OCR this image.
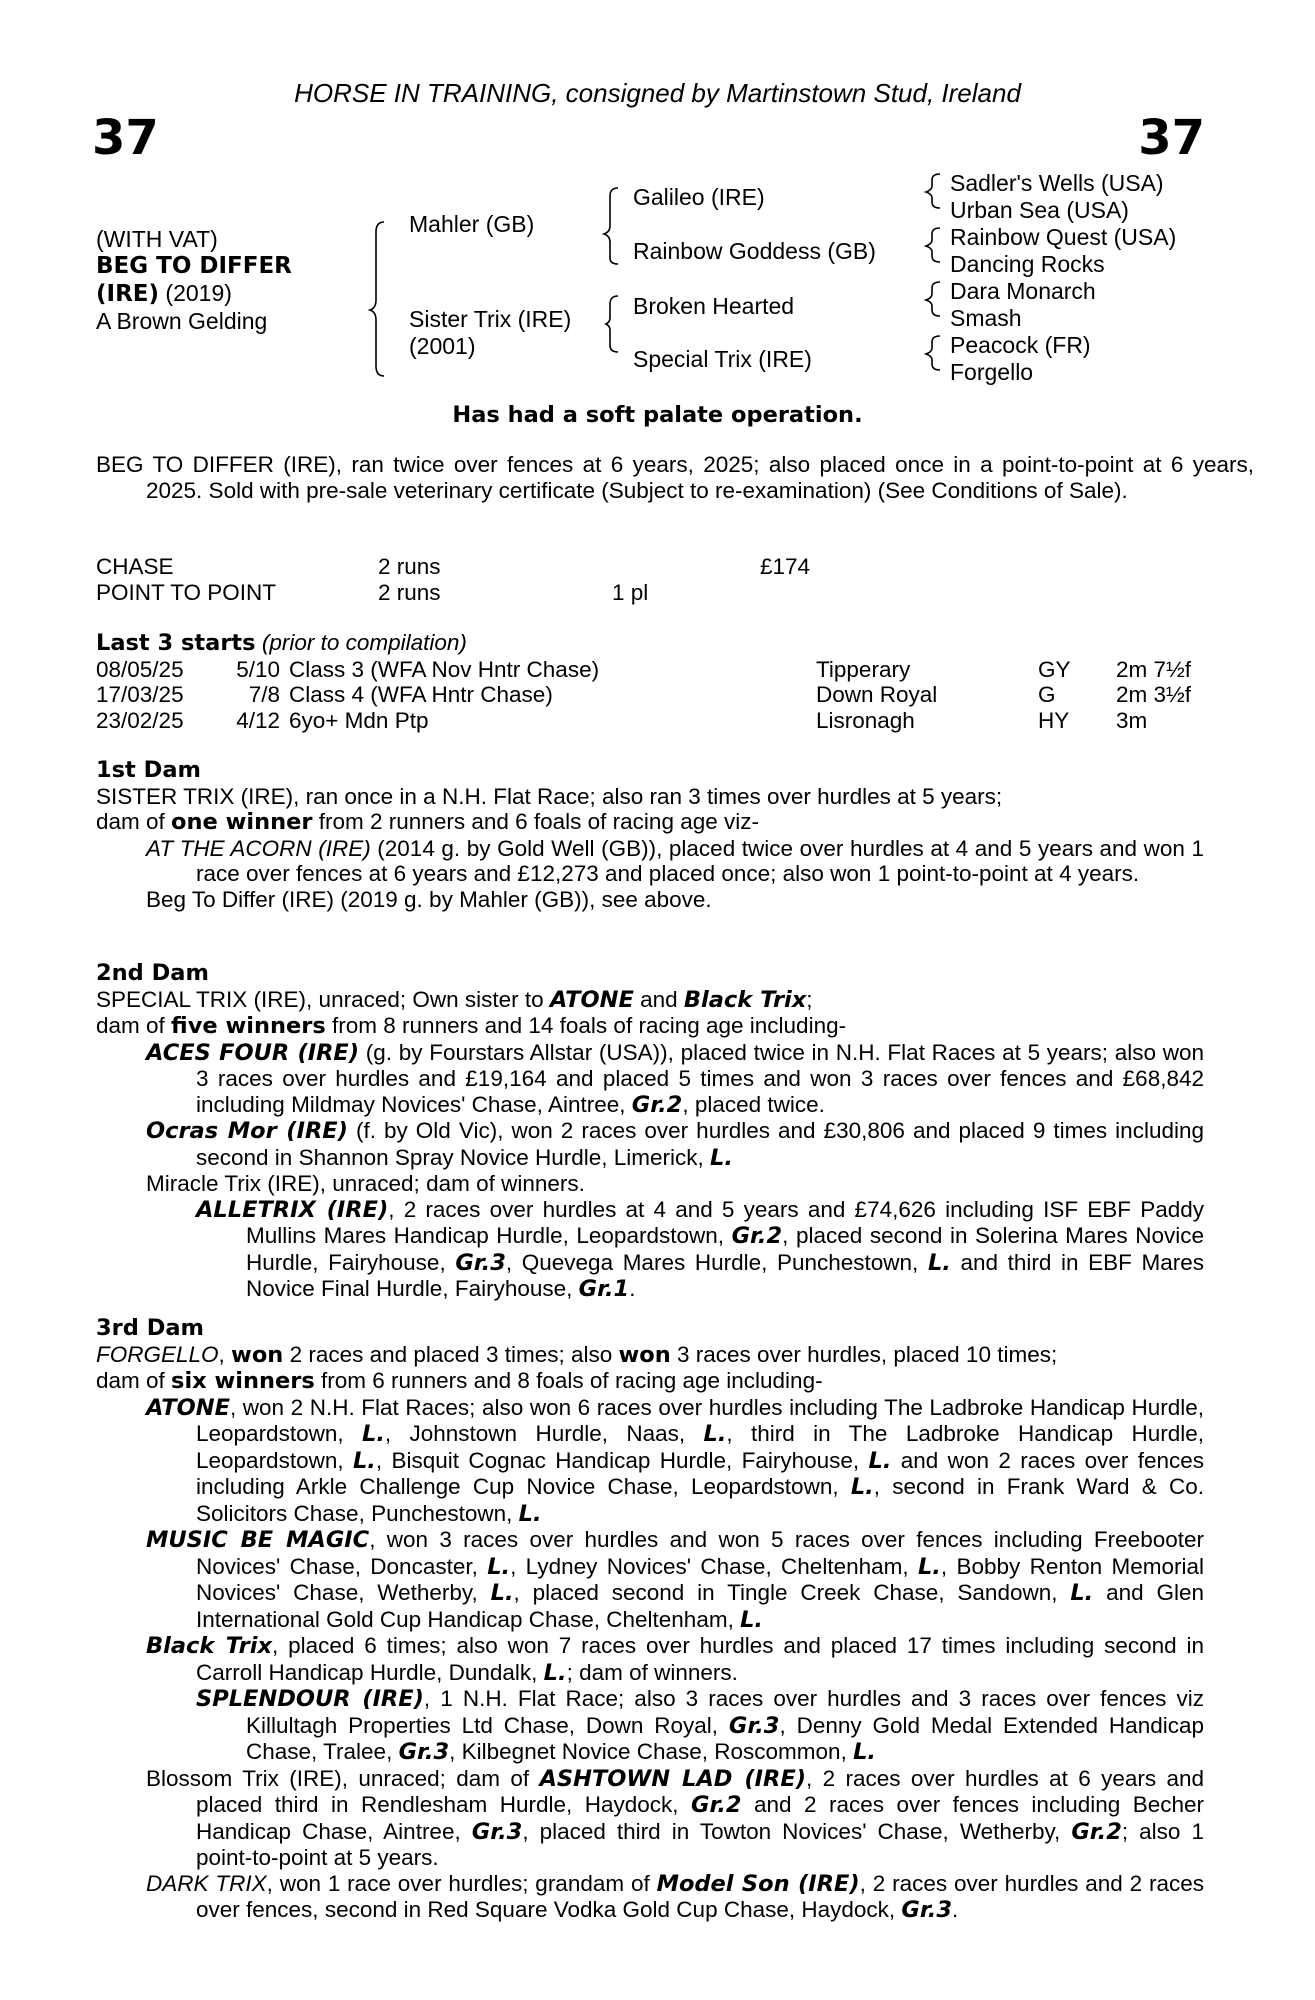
HORSE IN TRAINING, consigned by Martinstown Stud, Ireland
37	37
(WITH VAT)
BEG TO DIFFER
(IRE) (2019)
A Brown Gelding
Mahler (GB)
Sister Trix (IRE)
(2001)
Galileo (IRE)
Rainbow Goddess (GB)
Broken Hearted
Special Trix (IRE)
Sadler's Wells (USA)
Urban Sea (USA)
Rainbow Quest (USA)
Dancing Rocks
Dara Monarch
Smash
Peacock (FR)
Forgello
Has had a soft palate operation.
BEG TO DIFFER (IRE), ran twice over fences at 6 years, 2025; also placed once in a point-to-point at 6 years, 2025. Sold with pre-sale veterinary certificate (Subject to re-examination) (See Conditions of Sale).
CHASE	2 runs	£174
POINT TO POINT	2 runs	1 pl
Last 3 starts (prior to compilation)
08/05/25	5/10 Class 3 (WFA Nov Hntr Chase)	Tipperary	GY 2m 7½f
17/03/25	7/8 Class 4 (WFA Hntr Chase)	Down Royal	G	2m 3½f
23/02/25	4/12 6yo+ Mdn Ptp	Lisronagh	HY 3m
1st Dam
SISTER TRIX (IRE), ran once in a N.H. Flat Race; also ran 3 times over hurdles at 5 years;
dam of one winner from 2 runners and 6 foals of racing age viz-
AT THE ACORN (IRE) (2014 g. by Gold Well (GB)), placed twice over hurdles at 4 and 5 years and won 1 race over fences at 6 years and £12,273 and placed once; also won 1 point-to-point at 4 years.
Beg To Differ (IRE) (2019 g. by Mahler (GB)), see above.
2nd Dam
SPECIAL TRIX (IRE), unraced; Own sister to ATONE and Black Trix;
dam of five winners from 8 runners and 14 foals of racing age including-
ACES FOUR (IRE) (g. by Fourstars Allstar (USA)), placed twice in N.H. Flat Races at 5 years; also won 3 races over hurdles and £19,164 and placed 5 times and won 3 races over fences and £68,842 including Mildmay Novices' Chase, Aintree, Gr.2, placed twice.
Ocras Mor (IRE) (f. by Old Vic), won 2 races over hurdles and £30,806 and placed 9 times including second in Shannon Spray Novice Hurdle, Limerick, L.
Miracle Trix (IRE), unraced; dam of winners.
ALLETRIX (IRE), 2 races over hurdles at 4 and 5 years and £74,626 including ISF EBF Paddy Mullins Mares Handicap Hurdle, Leopardstown, Gr.2, placed second in Solerina Mares Novice Hurdle, Fairyhouse, Gr.3, Quevega Mares Hurdle, Punchestown, L. and third in EBF Mares Novice Final Hurdle, Fairyhouse, Gr.1.
3rd Dam
FORGELLO, won 2 races and placed 3 times; also won 3 races over hurdles, placed 10 times;
dam of six winners from 6 runners and 8 foals of racing age including-
ATONE, won 2 N.H. Flat Races; also won 6 races over hurdles including The Ladbroke Handicap Hurdle, Leopardstown, L., Johnstown Hurdle, Naas, L., third in The Ladbroke Handicap Hurdle, Leopardstown, L., Bisquit Cognac Handicap Hurdle, Fairyhouse, L. and won 2 races over fences including Arkle Challenge Cup Novice Chase, Leopardstown, L., second in Frank Ward & Co. Solicitors Chase, Punchestown, L.
MUSIC BE MAGIC, won 3 races over hurdles and won 5 races over fences including Freebooter Novices' Chase, Doncaster, L., Lydney Novices' Chase, Cheltenham, L., Bobby Renton Memorial Novices' Chase, Wetherby, L., placed second in Tingle Creek Chase, Sandown, L. and Glen International Gold Cup Handicap Chase, Cheltenham, L.
Black Trix, placed 6 times; also won 7 races over hurdles and placed 17 times including second in Carroll Handicap Hurdle, Dundalk, L.; dam of winners.
SPLENDOUR (IRE), 1 N.H. Flat Race; also 3 races over hurdles and 3 races over fences viz Killultagh Properties Ltd Chase, Down Royal, Gr.3, Denny Gold Medal Extended Handicap Chase, Tralee, Gr.3, Kilbegnet Novice Chase, Roscommon, L.
Blossom Trix (IRE), unraced; dam of ASHTOWN LAD (IRE), 2 races over hurdles at 6 years and placed third in Rendlesham Hurdle, Haydock, Gr.2 and 2 races over fences including Becher Handicap Chase, Aintree, Gr.3, placed third in Towton Novices' Chase, Wetherby, Gr.2; also 1 point-to-point at 5 years.
DARK TRIX, won 1 race over hurdles; grandam of Model Son (IRE), 2 races over hurdles and 2 races over fences, second in Red Square Vodka Gold Cup Chase, Haydock, Gr.3.
